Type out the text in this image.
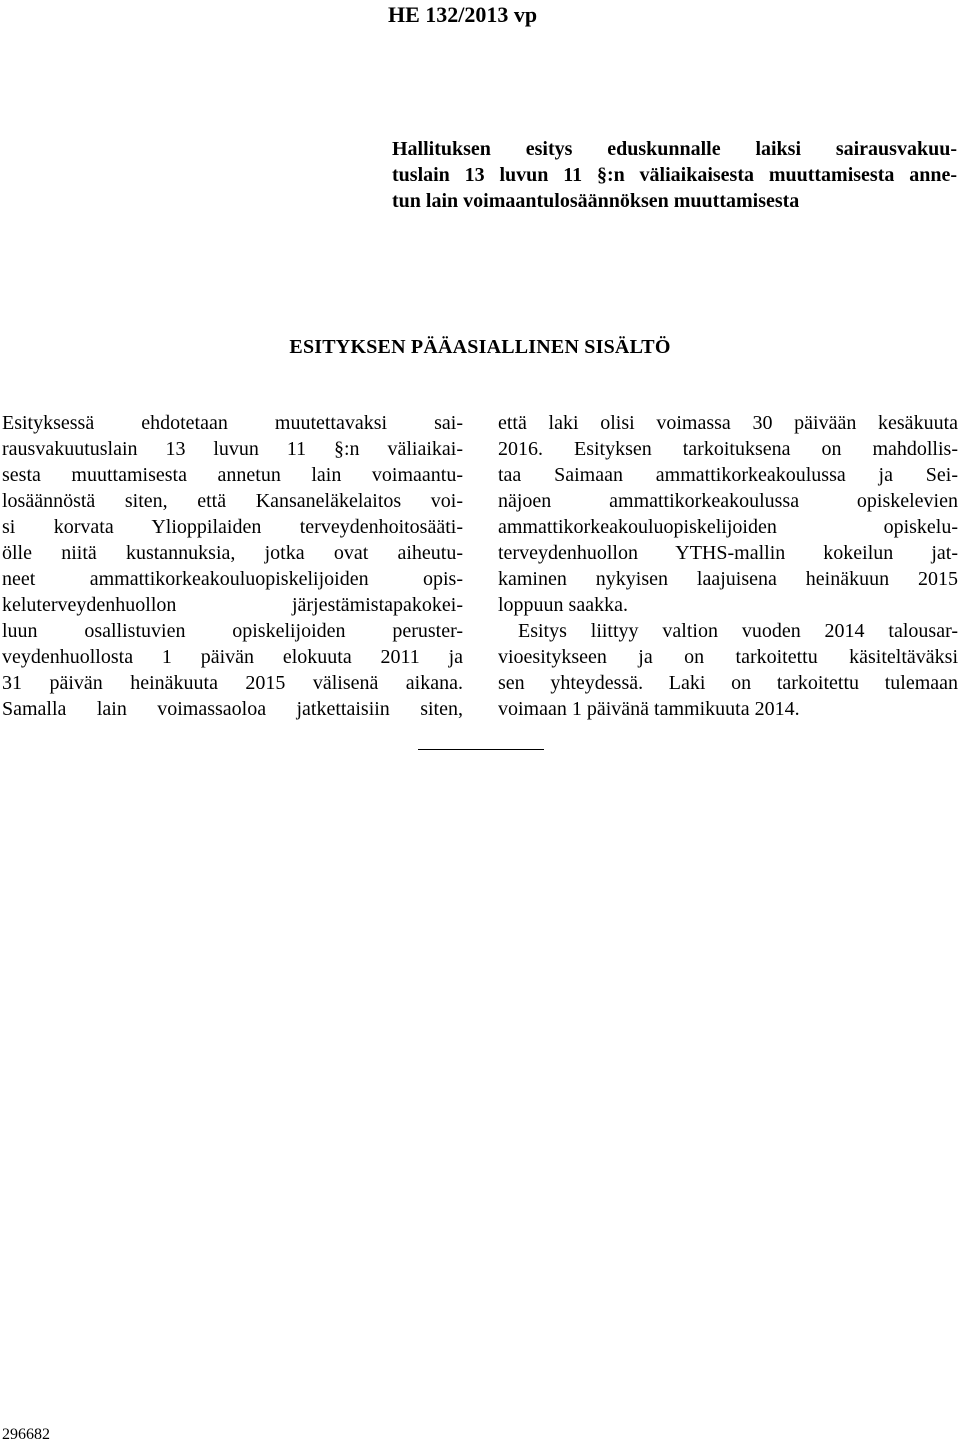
HE 132/2013 vp
Hallituksen esitys eduskunnalle laiksi sairausvakuu-
tuslain 13 luvun 11 §:n väliaikaisesta muuttamisesta anne-
tun lain voimaantulosäännöksen muuttamisesta
ESITYKSEN PÄÄASIALLINEN SISÄLTÖ
Esityksessä ehdotetaan muutettavaksi sai-
rausvakuutuslain 13 luvun 11 §:n väliaikai-
sesta muuttamisesta annetun lain voimaantu-
losäännöstä siten, että Kansaneläkelaitos voi-
si korvata Ylioppilaiden terveydenhoitosääti-
ölle niitä kustannuksia, jotka ovat aiheutu-
neet ammattikorkeakouluopiskelijoiden opis-
keluterveydenhuollon järjestämistapakokei-
luun osallistuvien opiskelijoiden peruster-
veydenhuollosta 1 päivän elokuuta 2011 ja
31 päivän heinäkuuta 2015 välisenä aikana.
Samalla lain voimassaoloa jatkettaisiin siten,
että laki olisi voimassa 30 päivään kesäkuuta
2016. Esityksen tarkoituksena on mahdollis-
taa Saimaan ammattikorkeakoulussa ja Sei-
näjoen ammattikorkeakoulussa opiskelevien
ammattikorkeakouluopiskelijoiden opiskelu-
terveydenhuollon YTHS-mallin kokeilun jat-
kaminen nykyisen laajuisena heinäkuun 2015
loppuun saakka.
Esitys liittyy valtion vuoden 2014 talousar-
vioesitykseen ja on tarkoitettu käsiteltäväksi
sen yhteydessä. Laki on tarkoitettu tulemaan
voimaan 1 päivänä tammikuuta 2014.

296682
